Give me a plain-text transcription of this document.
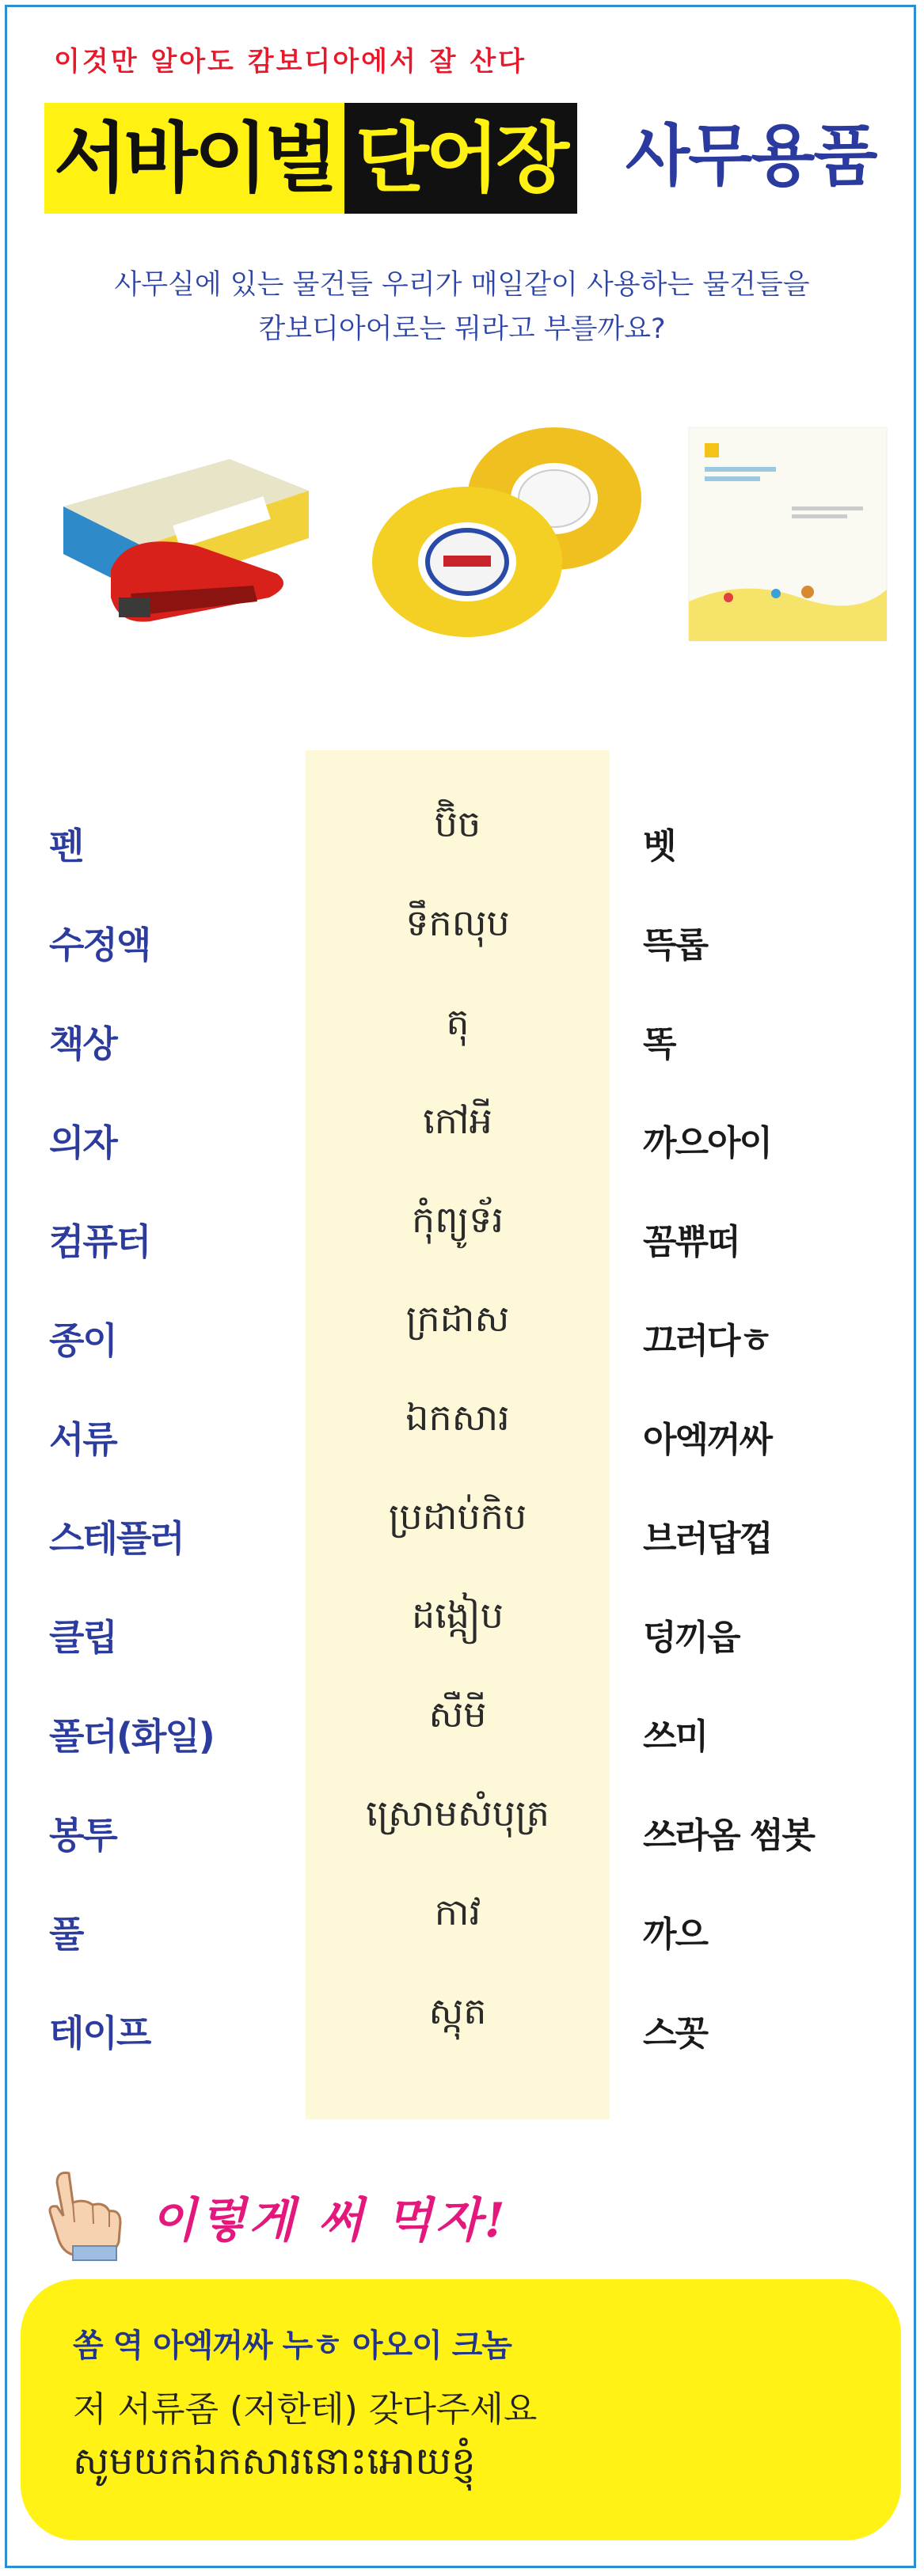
이것만 알아도 캄보디아에서 잘 산다
서바이벌 단어장 사무용품
사무실에 있는 물건들 우리가 매일같이 사용하는 물건들을
캄보디아어로는 뭐라고 부를까요?
펜
ប៊ិច
벳
수정액
ទឹកលុប
뜩롭
책상
តុ
똑
의자
កៅអី
까으아이
컴퓨터
កុំព្យូទ័រ
꼼쀼떠
종이
ក្រដាស
끄러다ㅎ
서류
ឯកសារ
아엑꺼싸
스테플러
ប្រដាប់កិប
브러답껍
클립
ដង្កៀប
덩끼읍
폴더(화일)
សឺមី
쓰미
봉투
ស្រោមសំបុត្រ
쓰라옴 썸봇
풀
កាវ
까으
테이프
ស្កុត
스꼿
이렇게 써 먹자!
쏨 역 아엑꺼싸 누ㅎ 아오이 크놈
저 서류좀 (저한테) 갖다주세요
សូមយកឯកសារនោះអោយខ្ញុំ
